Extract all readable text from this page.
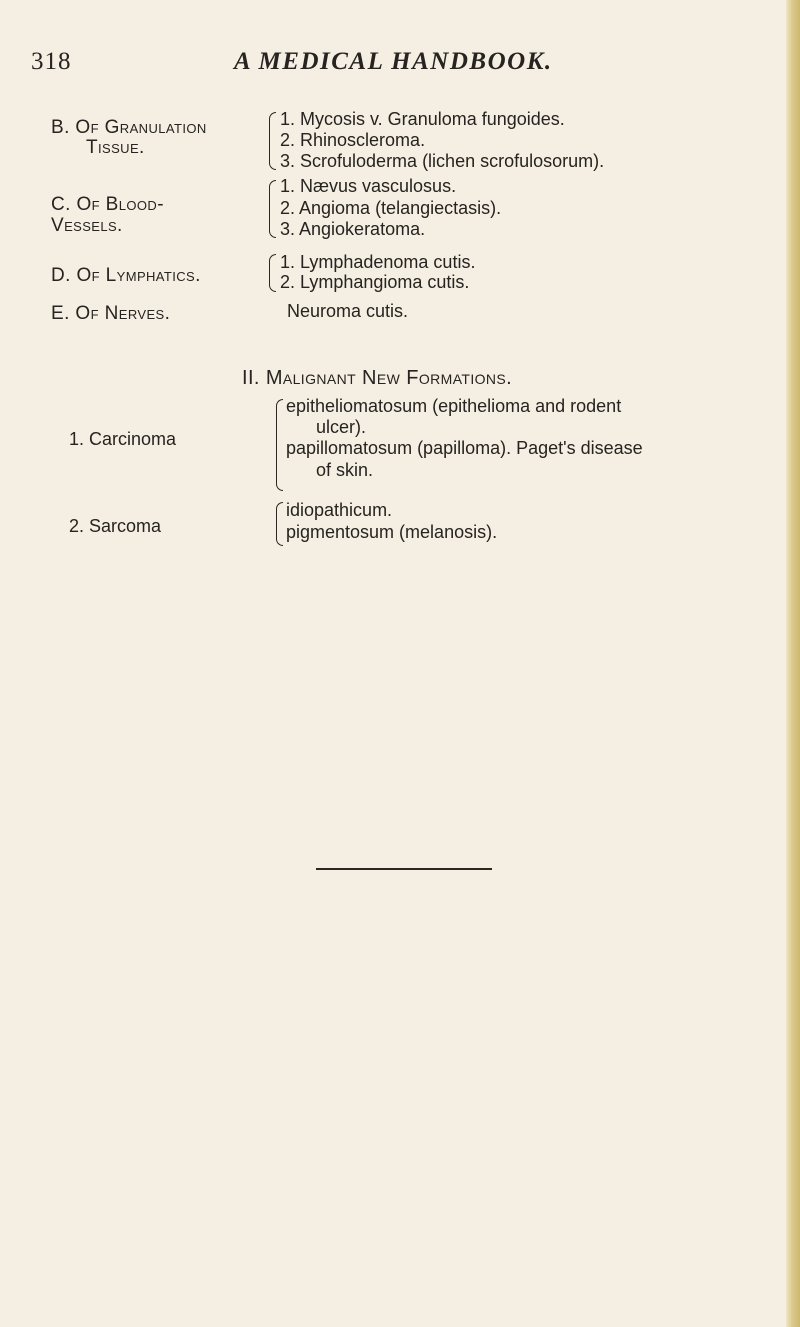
318	A MEDICAL HANDBOOK.
B. Of Granulation
Tissue.
1. Mycosis v. Granuloma fungoides.
2. Rhinoscleroma.
3. Scrofuloderma (lichen scrofulosorum).
C. Of Blood-
Vessels.
1. Nævus vasculosus.
2. Angioma (telangiectasis).
3. Angiokeratoma.
D. Of Lymphatics.
1. Lymphadenoma cutis.
2. Lymphangioma cutis.
E. Of Nerves.	Neuroma cutis.
II. Malignant New Formations.
1. Carcinoma
epitheliomatosum (epithelioma and rodent
ulcer).
papillomatosum (papilloma). Paget's disease
of skin.
2. Sarcoma
idiopathicum.
pigmentosum (melanosis).
